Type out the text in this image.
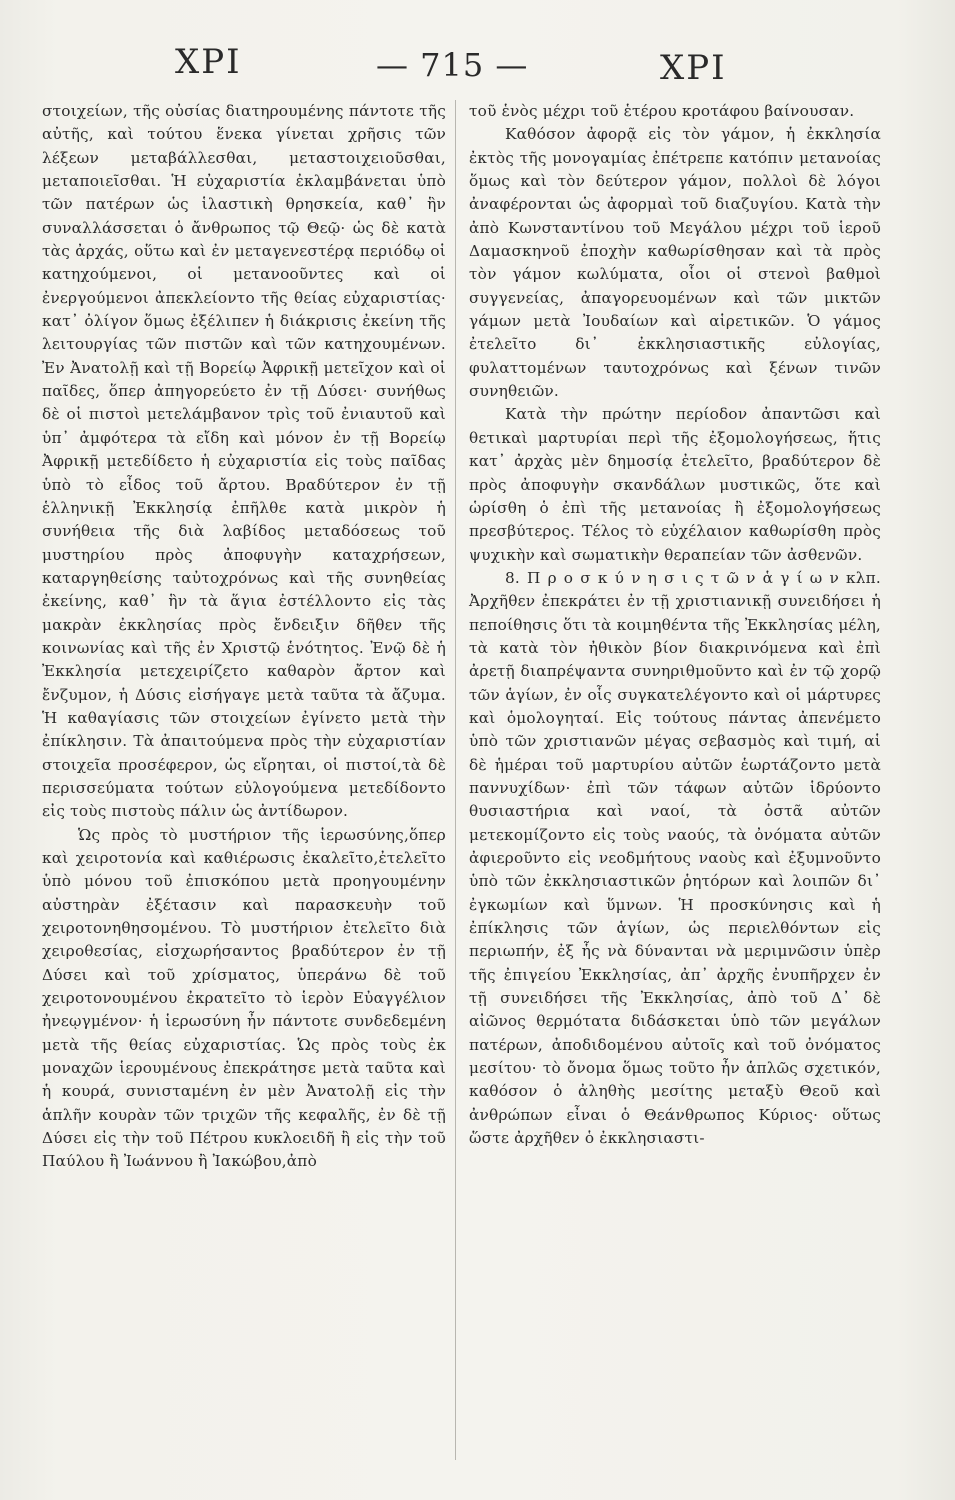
ΧΡΙ	— 715 —	ΧΡΙ

στοιχείων, τῆς οὐσίας διατηρουμένης πάντοτε τῆς αὐτῆς, καὶ τούτου ἕνεκα γίνεται χρῆσις τῶν λέξεων μεταβάλλεσθαι, μεταστοιχειοῦσθαι, μεταποιεῖσθαι. Ἡ εὐχαριστία ἐκλαμβάνεται ὑπὸ τῶν πατέρων ὡς ἱλαστικὴ θρησκεία, καθ᾽ ἣν συναλλάσσεται ὁ ἄνθρωπος τῷ Θεῷ· ὡς δὲ κατὰ τὰς ἀρχάς, οὕτω καὶ ἐν μεταγενεστέρᾳ περιόδῳ οἱ κατηχούμενοι, οἱ μετανοοῦντες καὶ οἱ ἐνεργούμενοι ἀπεκλείοντο τῆς θείας εὐχαριστίας· κατ᾽ ὀλίγον ὅμως ἐξέλιπεν ἡ διάκρισις ἐκείνη τῆς λειτουργίας τῶν πιστῶν καὶ τῶν κατηχουμένων. Ἐν Ἀνατολῇ καὶ τῇ Βορείῳ Ἀφρικῇ μετεῖχον καὶ οἱ παῖδες, ὅπερ ἀπηγορεύετο ἐν τῇ Δύσει· συνήθως δὲ οἱ πιστοὶ μετελάμβανον τρὶς τοῦ ἐνιαυτοῦ καὶ ὑπ᾽ ἀμφότερα τὰ εἴδη καὶ μόνον ἐν τῇ Βορείῳ Ἀφρικῇ μετεδίδετο ἡ εὐχαριστία εἰς τοὺς παῖδας ὑπὸ τὸ εἶδος τοῦ ἄρτου. Βραδύτερον ἐν τῇ ἑλληνικῇ Ἐκκλησίᾳ ἐπῆλθε κατὰ μικρὸν ἡ συνήθεια τῆς διὰ λαβίδος μεταδόσεως τοῦ μυστηρίου πρὸς ἀποφυγὴν καταχρήσεων, καταργηθείσης ταὐτοχρόνως καὶ τῆς συνηθείας ἐκείνης, καθ᾽ ἣν τὰ ἅγια ἐστέλλοντο εἰς τὰς μακρὰν ἐκκλησίας πρὸς ἔνδειξιν δῆθεν τῆς κοινωνίας καὶ τῆς ἐν Χριστῷ ἑνότητος. Ἐνῷ δὲ ἡ Ἐκκλησία μετεχειρίζετο καθαρὸν ἄρτον καὶ ἔνζυμον, ἡ Δύσις εἰσήγαγε μετὰ ταῦτα τὰ ἄζυμα. Ἡ καθαγίασις τῶν στοιχείων ἐγίνετο μετὰ τὴν ἐπίκλησιν. Τὰ ἀπαιτούμενα πρὸς τὴν εὐχαριστίαν στοιχεῖα προσέφερον, ὡς εἴρηται, οἱ πιστοί,τὰ δὲ περισσεύματα τούτων εὐλογούμενα μετεδίδοντο εἰς τοὺς πιστοὺς πάλιν ὡς ἀντίδωρον.

Ὡς πρὸς τὸ μυστήριον τῆς ἱερωσύνης,ὅπερ καὶ χειροτονία καὶ καθιέρωσις ἐκαλεῖτο,ἐτελεῖτο ὑπὸ μόνου τοῦ ἐπισκόπου μετὰ προηγουμένην αὐστηρὰν ἐξέτασιν καὶ παρασκευὴν τοῦ χειροτονηθησομένου. Τὸ μυστήριον ἐτελεῖτο διὰ χειροθεσίας, εἰσχωρήσαντος βραδύτερον ἐν τῇ Δύσει καὶ τοῦ χρίσματος, ὑπεράνω δὲ τοῦ χειροτονουμένου ἐκρατεῖτο τὸ ἱερὸν Εὐαγγέλιον ἠνεῳγμένον· ἡ ἱερωσύνη ἦν πάντοτε συνδεδεμένη μετὰ τῆς θείας εὐχαριστίας. Ὡς πρὸς τοὺς ἐκ μοναχῶν ἱερουμένους ἐπεκράτησε μετὰ ταῦτα καὶ ἡ κουρά, συνισταμένη ἐν μὲν Ἀνατολῇ εἰς τὴν ἁπλῆν κουρὰν τῶν τριχῶν τῆς κεφαλῆς, ἐν δὲ τῇ Δύσει εἰς τὴν τοῦ Πέτρου κυκλοειδῆ ἢ εἰς τὴν τοῦ Παύλου ἢ Ἰωάννου ἢ Ἰακώβου,ἀπὸ

τοῦ ἑνὸς μέχρι τοῦ ἑτέρου κροτάφου βαίνουσαν.

Καθόσον ἀφορᾷ εἰς τὸν γάμον, ἡ ἐκκλησία ἐκτὸς τῆς μονογαμίας ἐπέτρεπε κατόπιν μετανοίας ὅμως καὶ τὸν δεύτερον γάμον, πολλοὶ δὲ λόγοι ἀναφέρονται ὡς ἀφορμαὶ τοῦ διαζυγίου. Κατὰ τὴν ἀπὸ Κωνσταντίνου τοῦ Μεγάλου μέχρι τοῦ ἱεροῦ Δαμασκηνοῦ ἐποχὴν καθωρίσθησαν καὶ τὰ πρὸς τὸν γάμον κωλύματα, οἷοι οἱ στενοὶ βαθμοὶ συγγενείας, ἀπαγορευομένων καὶ τῶν μικτῶν γάμων μετὰ Ἰουδαίων καὶ αἱρετικῶν. Ὁ γάμος ἐτελεῖτο δι᾽ ἐκκλησιαστικῆς εὐλογίας, φυλαττομένων ταυτοχρόνως καὶ ξένων τινῶν συνηθειῶν.

Κατὰ τὴν πρώτην περίοδον ἀπαντῶσι καὶ θετικαὶ μαρτυρίαι περὶ τῆς ἐξομολογήσεως, ἥτις κατ᾽ ἀρχὰς μὲν δημοσίᾳ ἐτελεῖτο, βραδύτερον δὲ πρὸς ἀποφυγὴν σκανδάλων μυστικῶς, ὅτε καὶ ὡρίσθη ὁ ἐπὶ τῆς μετανοίας ἢ ἐξομολογήσεως πρεσβύτερος. Τέλος τὸ εὐχέλαιον καθωρίσθη πρὸς ψυχικὴν καὶ σωματικὴν θεραπείαν τῶν ἀσθενῶν.

8. Π ρ ο σ κ ύ ν η σ ι ς τ ῶ ν ἁ γ ί ω ν κλπ. Ἀρχῆθεν ἐπεκράτει ἐν τῇ χριστιανικῇ συνειδήσει ἡ πεποίθησις ὅτι τὰ κοιμηθέντα τῆς Ἐκκλησίας μέλη, τὰ κατὰ τὸν ἠθικὸν βίον διακρινόμενα καὶ ἐπὶ ἀρετῇ διαπρέψαντα συνηριθμοῦντο καὶ ἐν τῷ χορῷ τῶν ἁγίων, ἐν οἷς συγκατελέγοντο καὶ οἱ μάρτυρες καὶ ὁμολογηταί. Εἰς τούτους πάντας ἀπενέμετο ὑπὸ τῶν χριστιανῶν μέγας σεβασμὸς καὶ τιμή, αἱ δὲ ἡμέραι τοῦ μαρτυρίου αὐτῶν ἑωρτάζοντο μετὰ παννυχίδων· ἐπὶ τῶν τάφων αὐτῶν ἱδρύοντο θυσιαστήρια καὶ ναοί, τὰ ὀστᾶ αὐτῶν μετεκομίζοντο εἰς τοὺς ναούς, τὰ ὀνόματα αὐτῶν ἀφιεροῦντο εἰς νεοδμήτους ναοὺς καὶ ἐξυμνοῦντο ὑπὸ τῶν ἐκκλησιαστικῶν ῥητόρων καὶ λοιπῶν δι᾽ ἐγκωμίων καὶ ὕμνων. Ἡ προσκύνησις καὶ ἡ ἐπίκλησις τῶν ἁγίων, ὡς περιελθόντων εἰς περιωπήν, ἐξ ἧς νὰ δύνανται νὰ μεριμνῶσιν ὑπὲρ τῆς ἐπιγείου Ἐκκλησίας, ἀπ᾽ ἀρχῆς ἐνυπῆρχεν ἐν τῇ συνειδήσει τῆς Ἐκκλησίας, ἀπὸ τοῦ Δ᾽ δὲ αἰῶνος θερμότατα διδάσκεται ὑπὸ τῶν μεγάλων πατέρων, ἀποδιδομένου αὐτοῖς καὶ τοῦ ὀνόματος μεσίτου· τὸ ὄνομα ὅμως τοῦτο ἦν ἁπλῶς σχετικόν, καθόσον ὁ ἀληθὴς μεσίτης μεταξὺ Θεοῦ καὶ ἀνθρώπων εἶναι ὁ Θεάνθρωπος Κύριος· οὕτως ὥστε ἀρχῆθεν ὁ ἐκκλησιαστι-
